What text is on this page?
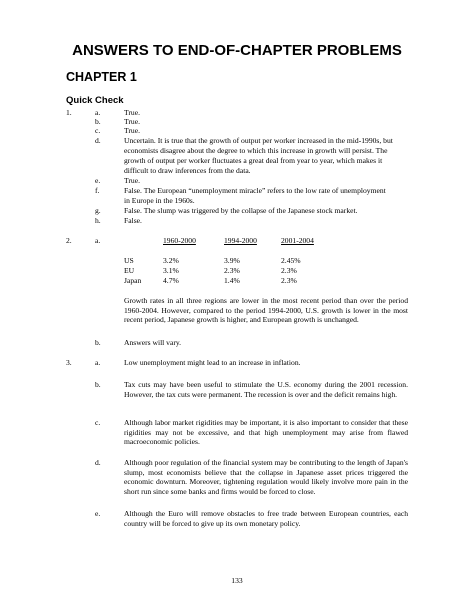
ANSWERS TO END-OF-CHAPTER PROBLEMS
CHAPTER 1
Quick Check
1.	a.	True.
b.	True.
c.	True.
d.	Uncertain. It is true that the growth of output per worker increased in the mid-1990s, but
economists disagree about the degree to which this increase in growth will persist. The
growth of output per worker fluctuates a great deal from year to year, which makes it
difficult to draw inferences from the data.
e.	True.
f.	False. The European “unemployment miracle” refers to the low rate of unemployment
in Europe in the 1960s.
g.	False. The slump was triggered by the collapse of the Japanese stock market.
h.	False.
2.	a.	1960-2000	1994-2000	2001-2004
US	3.2%	3.9%	2.45%
EU	3.1%	2.3%	2.3%
Japan	4.7%	1.4%	2.3%
Growth rates in all three regions are lower in the most recent period than over the period 1960-2004. However, compared to the period 1994-2000, U.S. growth is lower in the most recent period, Japanese growth is higher, and European growth is unchanged.
b.	Answers will vary.
3.	a.	Low unemployment might lead to an increase in inflation.
b.	Tax cuts may have been useful to stimulate the U.S. economy during the 2001 recession. However, the tax cuts were permanent. The recession is over and the deficit remains high.
c.	Although labor market rigidities may be important, it is also important to consider that these rigidities may not be excessive, and that high unemployment may arise from flawed macroeconomic policies.
d.	Although poor regulation of the financial system may be contributing to the length of Japan's slump, most economists believe that the collapse in Japanese asset prices triggered the economic downturn. Moreover, tightening regulation would likely involve more pain in the short run since some banks and firms would be forced to close.
e.	Although the Euro will remove obstacles to free trade between European countries, each country will be forced to give up its own monetary policy.
133
